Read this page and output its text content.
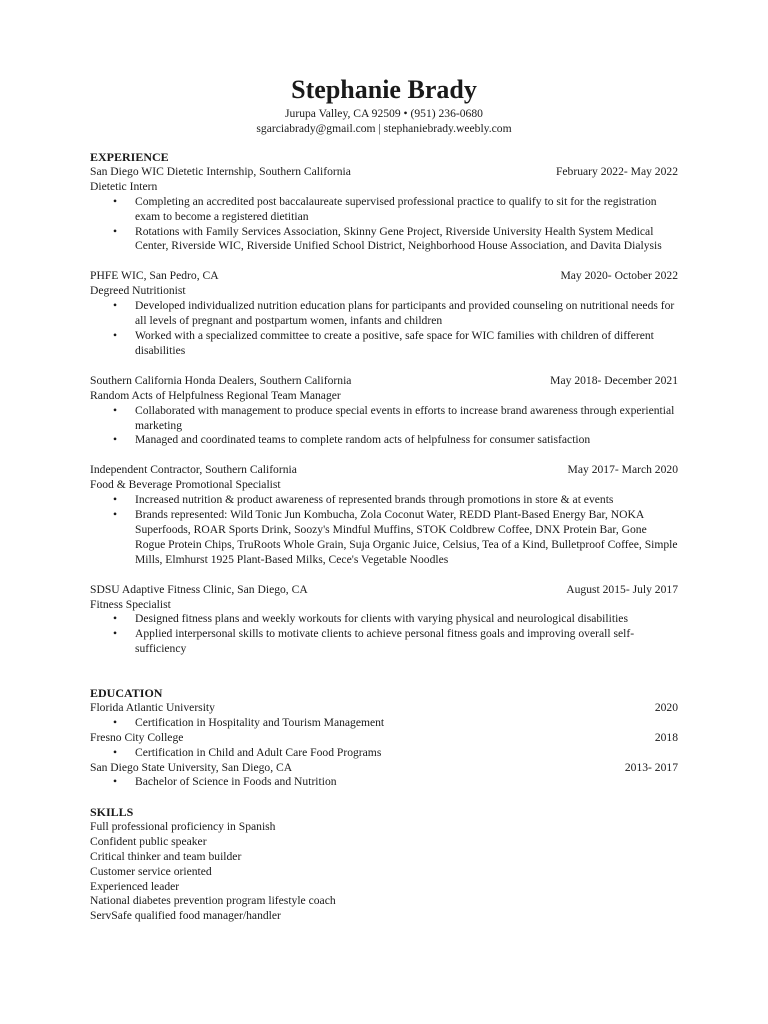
Stephanie Brady
Jurupa Valley, CA 92509 • (951) 236-0680
sgarciabrady@gmail.com | stephaniebrady.weebly.com
EXPERIENCE
San Diego WIC Dietetic Internship, Southern California	February 2022- May 2022
Dietetic Intern
• Completing an accredited post baccalaureate supervised professional practice to qualify to sit for the registration exam to become a registered dietitian
• Rotations with Family Services Association, Skinny Gene Project, Riverside University Health System Medical Center, Riverside WIC, Riverside Unified School District, Neighborhood House Association, and Davita Dialysis
PHFE WIC, San Pedro, CA	May 2020- October 2022
Degreed Nutritionist
• Developed individualized nutrition education plans for participants and provided counseling on nutritional needs for all levels of pregnant and postpartum women, infants and children
• Worked with a specialized committee to create a positive, safe space for WIC families with children of different disabilities
Southern California Honda Dealers, Southern California	May 2018- December 2021
Random Acts of Helpfulness Regional Team Manager
• Collaborated with management to produce special events in efforts to increase brand awareness through experiential marketing
• Managed and coordinated teams to complete random acts of helpfulness for consumer satisfaction
Independent Contractor, Southern California	May 2017- March 2020
Food & Beverage Promotional Specialist
• Increased nutrition & product awareness of represented brands through promotions in store & at events
• Brands represented: Wild Tonic Jun Kombucha, Zola Coconut Water, REDD Plant-Based Energy Bar, NOKA Superfoods, ROAR Sports Drink, Soozy's Mindful Muffins, STOK Coldbrew Coffee, DNX Protein Bar, Gone Rogue Protein Chips, TruRoots Whole Grain, Suja Organic Juice, Celsius, Tea of a Kind, Bulletproof Coffee, Simple Mills, Elmhurst 1925 Plant-Based Milks, Cece's Vegetable Noodles
SDSU Adaptive Fitness Clinic, San Diego, CA	August 2015- July 2017
Fitness Specialist
• Designed fitness plans and weekly workouts for clients with varying physical and neurological disabilities
• Applied interpersonal skills to motivate clients to achieve personal fitness goals and improving overall self-sufficiency
EDUCATION
Florida Atlantic University	2020
• Certification in Hospitality and Tourism Management
Fresno City College	2018
• Certification in Child and Adult Care Food Programs
San Diego State University, San Diego, CA	2013- 2017
• Bachelor of Science in Foods and Nutrition
SKILLS
Full professional proficiency in Spanish
Confident public speaker
Critical thinker and team builder
Customer service oriented
Experienced leader
National diabetes prevention program lifestyle coach
ServSafe qualified food manager/handler
